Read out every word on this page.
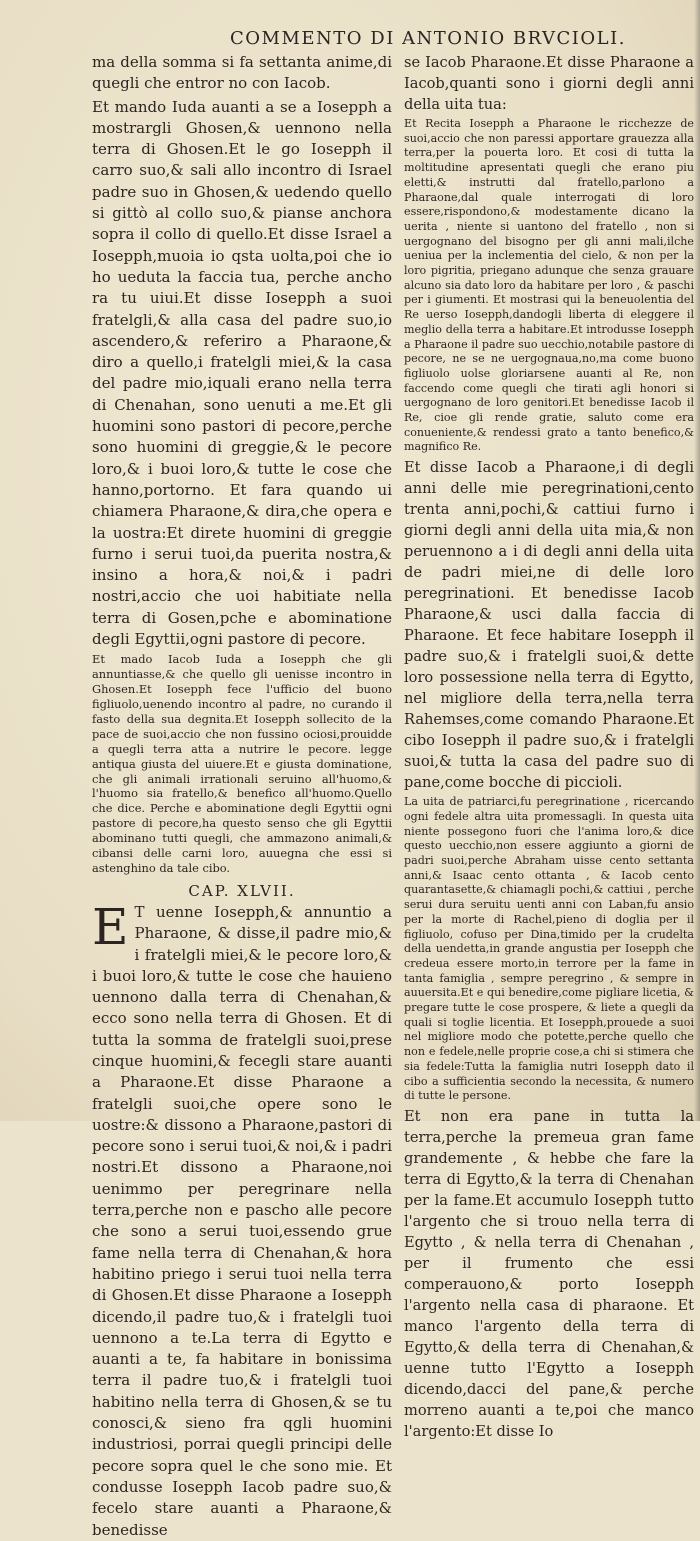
COMMENTO DI ANTONIO BRVCIOLI.

ma della somma si fa settanta anime,di quegli che entror no con Iacob.

Et mando Iuda auanti a se a Iosepph a mostrargli Ghosen,& uennono nella terra di Ghosen.Et le go Iosepph il carro suo,& sali allo incontro di Israel padre suo in Ghosen,& uedendo quello si gittò al collo suo,& pianse anchora sopra il collo di quello.Et disse Israel a Iosepph,muoia io qsta uolta,poi che io ho ueduta la faccia tua, perche ancho ra tu uiui.Et disse Iosepph a suoi fratelgli,& alla casa del padre suo,io ascendero,& referiro a Pharaone,& diro a quello,i fratelgli miei,& la casa del padre mio,iquali erano nella terra di Chenahan, sono uenuti a me.Et gli huomini sono pastori di pecore,perche sono huomini di greggie,& le pecore loro,& i buoi loro,& tutte le cose che hanno,portorno. Et fara quando ui chiamera Pharaone,& dira,che opera e la uostra:Et direte huomini di greggie furno i serui tuoi,da puerita nostra,& insino a hora,& noi,& i padri nostri,accio che uoi habitiate nella terra di Gosen,pche e abominatione degli Egyttii,ogni pastore di pecore.

Et mado Iacob Iuda a Iosepph che gli annuntiasse,& che quello gli uenisse incontro in Ghosen.Et Iosepph fece l'ufficio del buono figliuolo,uenendo incontro al padre, no curando il fasto della sua degnita.Et Iosepph sollecito de la pace de suoi,accio che non fussino ociosi,prouidde a quegli terra atta a nutrire le pecore. legge antiqua giusta del uiuere.Et e giusta dominatione, che gli animali irrationali seruino all'huomo,& l'huomo sia fratello,& benefico all'huomo.Quello che dice. Perche e abominatione degli Egyttii ogni pastore di pecore,ha questo senso che gli Egyttii abominano tutti quegli, che ammazono animali,& cibansi delle carni loro, auuegna che essi si astenghino da tale cibo.

CAP. XLVII.

E T uenne Iosepph,& annuntio a Pharaone, & disse,il padre mio,& i fratelgli miei,& le pecore loro,& i buoi loro,& tutte le cose che hauieno uennono dalla terra di Chenahan,& ecco sono nella terra di Ghosen. Et di tutta la somma de fratelgli suoi,prese cinque huomini,& fecegli stare auanti a Pharaone.Et disse Pharaone a fratelgli suoi,che opere sono le uostre:& dissono a Pharaone,pastori di pecore sono i serui tuoi,& noi,& i padri nostri.Et dissono a Pharaone,noi uenimmo per peregrinare nella terra,perche non e pascho alle pecore che sono a serui tuoi,essendo grue fame nella terra di Chenahan,& hora habitino priego i serui tuoi nella terra di Ghosen.Et disse Pharaone a Iosepph dicendo,il padre tuo,& i fratelgli tuoi uennono a te.La terra di Egytto e auanti a te, fa habitare in bonissima terra il padre tuo,& i fratelgli tuoi habitino nella terra di Ghosen,& se tu conosci,& sieno fra qgli huomini industriosi, porrai quegli principi delle pecore sopra quel le che sono mie. Et condusse Iosepph Iacob padre suo,& fecelo stare auanti a Pharaone,& benedisse

se Iacob Pharaone.Et disse Pharaone a Iacob,quanti sono i giorni degli anni della uita tua:

Et Recita Iosepph a Pharaone le ricchezze de suoi,accio che non paressi apportare grauezza alla terra,per la pouerta loro. Et cosi di tutta la moltitudine apresentati quegli che erano piu eletti,& instrutti dal fratello,parlono a Pharaone,dal quale interrogati di loro essere,rispondono,& modestamente dicano la uerita , niente si uantono del fratello , non si uergognano del bisogno per gli anni mali,ilche ueniua per la inclementia del cielo, & non per la loro pigritia, priegano adunque che senza grauare alcuno sia dato loro da habitare per loro , & paschi per i giumenti. Et mostrasi qui la beneuolentia del Re uerso Iosepph,dandogli liberta di eleggere il meglio della terra a habitare.Et introdusse Iosepph a Pharaone il padre suo uecchio,notabile pastore di pecore, ne se ne uergognaua,no,ma come buono figliuolo uolse gloriarsene auanti al Re, non faccendo come quegli che tirati agli honori si uergognano de loro genitori.Et benedisse Iacob il Re, cioe gli rende gratie, saluto come era conueniente,& rendessi grato a tanto benefico,& magnifico Re.

Et disse Iacob a Pharaone,i di degli anni delle mie peregrinationi,cento trenta anni,pochi,& cattiui furno i giorni degli anni della uita mia,& non peruennono a i di degli anni della uita de padri miei,ne di delle loro peregrinationi. Et benedisse Iacob Pharaone,& usci dalla faccia di Pharaone. Et fece habitare Iosepph il padre suo,& i fratelgli suoi,& dette loro possessione nella terra di Egytto, nel migliore della terra,nella terra Rahemses,come comando Pharaone.Et cibo Iosepph il padre suo,& i fratelgli suoi,& tutta la casa del padre suo di pane,come bocche di piccioli.

La uita de patriarci,fu peregrinatione , ricercando ogni fedele altra uita promessagli. In questa uita niente possegono fuori che l'anima loro,& dice questo uecchio,non essere aggiunto a giorni de padri suoi,perche Abraham uisse cento settanta anni,& Isaac cento ottanta , & Iacob cento quarantasette,& chiamagli pochi,& cattiui , perche serui dura seruitu uenti anni con Laban,fu ansio per la morte di Rachel,pieno di doglia per il figliuolo, cofuso per Dina,timido per la crudelta della uendetta,in grande angustia per Iosepph che credeua essere morto,in terrore per la fame in tanta famiglia , sempre peregrino , & sempre in auuersita.Et e qui benedire,come pigliare licetia, & pregare tutte le cose prospere, & liete a quegli da quali si toglie licentia. Et Iosepph,prouede a suoi nel migliore modo che potette,perche quello che non e fedele,nelle proprie cose,a chi si stimera che sia fedele:Tutta la famiglia nutri Iosepph dato il cibo a sufficientia secondo la necessita, & numero di tutte le persone.

Et non era pane in tutta la terra,perche la premeua gran fame grandemente , & hebbe che fare la terra di Egytto,& la terra di Chenahan per la fame.Et accumulo Iosepph tutto l'argento che si trouo nella terra di Egytto , & nella terra di Chenahan , per il frumento che essi comperauono,& porto Iosepph l'argento nella casa di pharaone. Et manco l'argento della terra di Egytto,& della terra di Chenahan,& uenne tutto l'Egytto a Iosepph dicendo,dacci del pane,& perche morreno auanti a te,poi che manco l'argento:Et disse Io
